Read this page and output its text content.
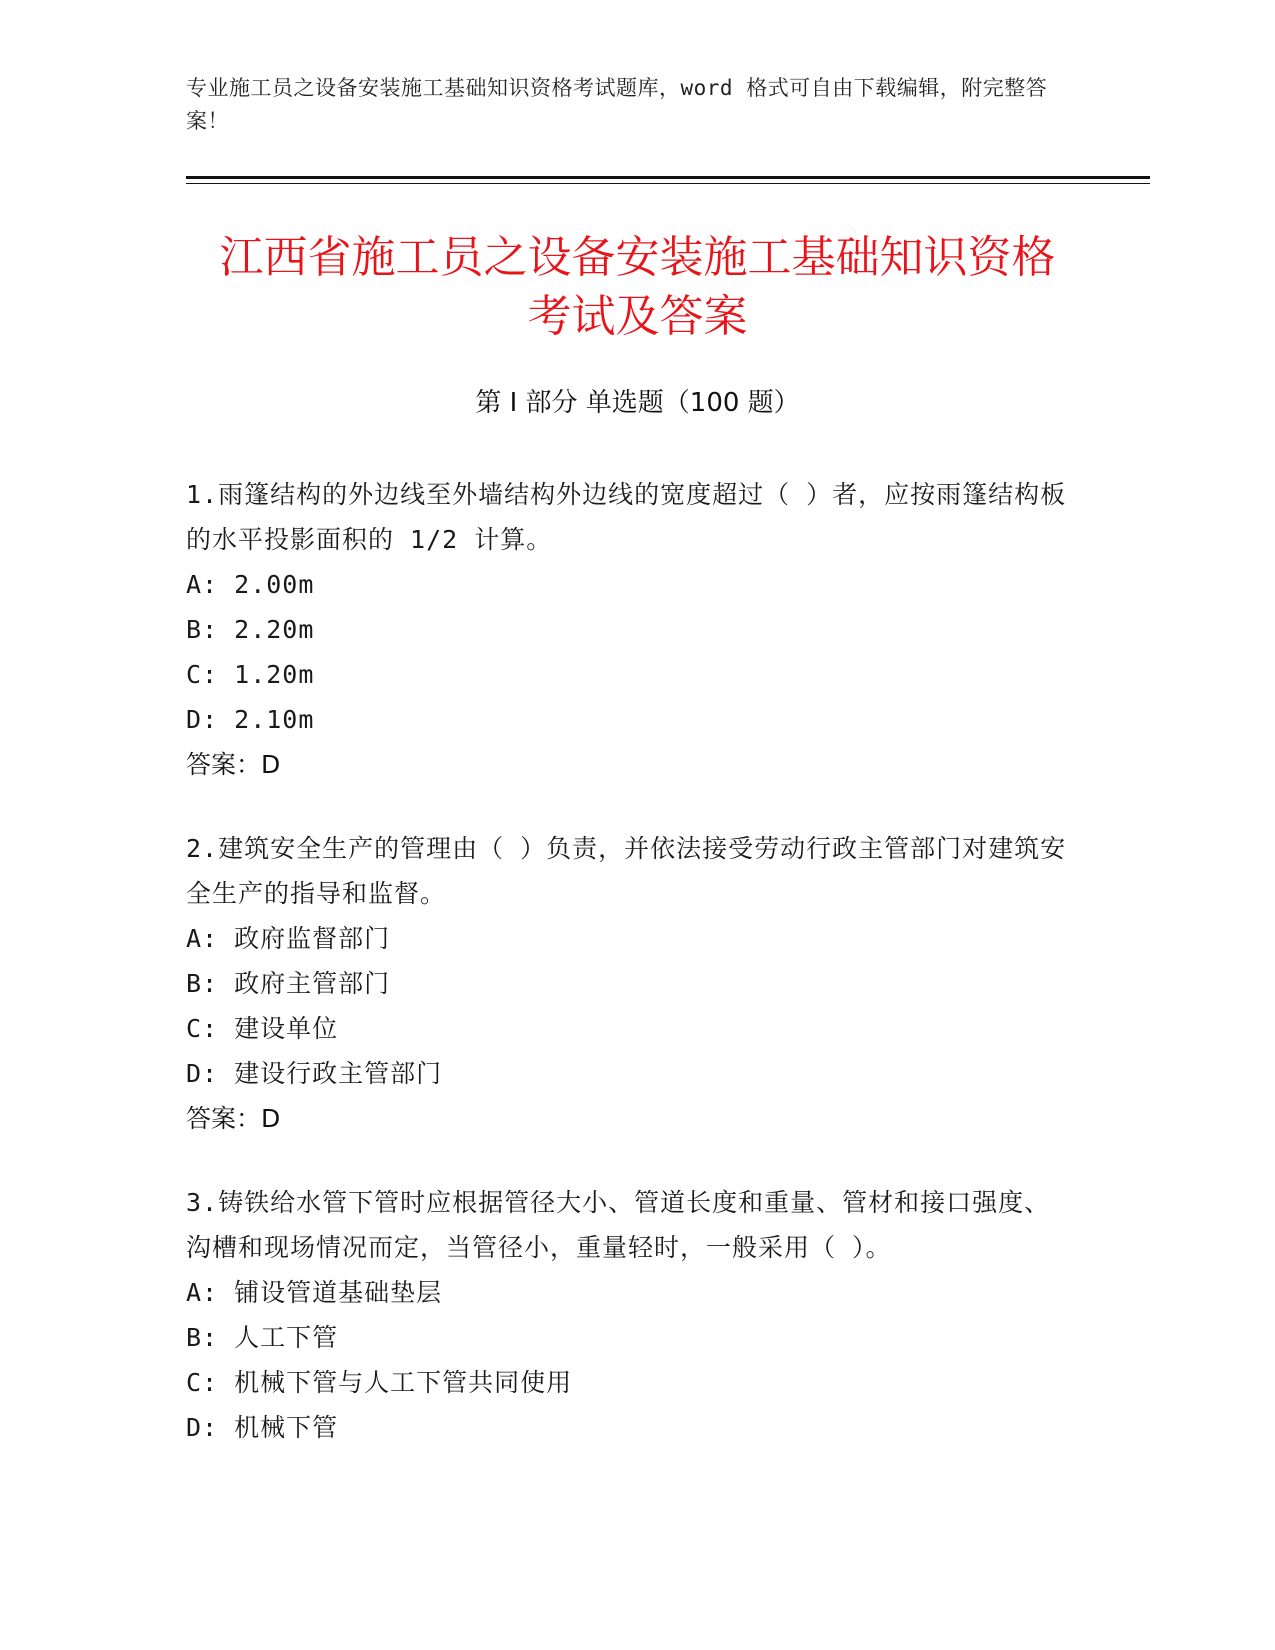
专业施工员之设备安装施工基础知识资格考试题库，word 格式可自由下载编辑，附完整答案！
江西省施工员之设备安装施工基础知识资格
考试及答案
第 I 部分 单选题（100 题）
1.雨篷结构的外边线至外墙结构外边线的宽度超过（ ）者，应按雨篷结构板的水平投影面积的 1/2 计算。
A: 2.00m
B: 2.20m
C: 1.20m
D: 2.10m
答案：D
2.建筑安全生产的管理由（ ）负责，并依法接受劳动行政主管部门对建筑安全生产的指导和监督。
A: 政府监督部门
B: 政府主管部门
C: 建设单位
D: 建设行政主管部门
答案：D
3.铸铁给水管下管时应根据管径大小、管道长度和重量、管材和接口强度、沟槽和现场情况而定，当管径小，重量轻时，一般采用（ ）。
A: 铺设管道基础垫层
B: 人工下管
C: 机械下管与人工下管共同使用
D: 机械下管
